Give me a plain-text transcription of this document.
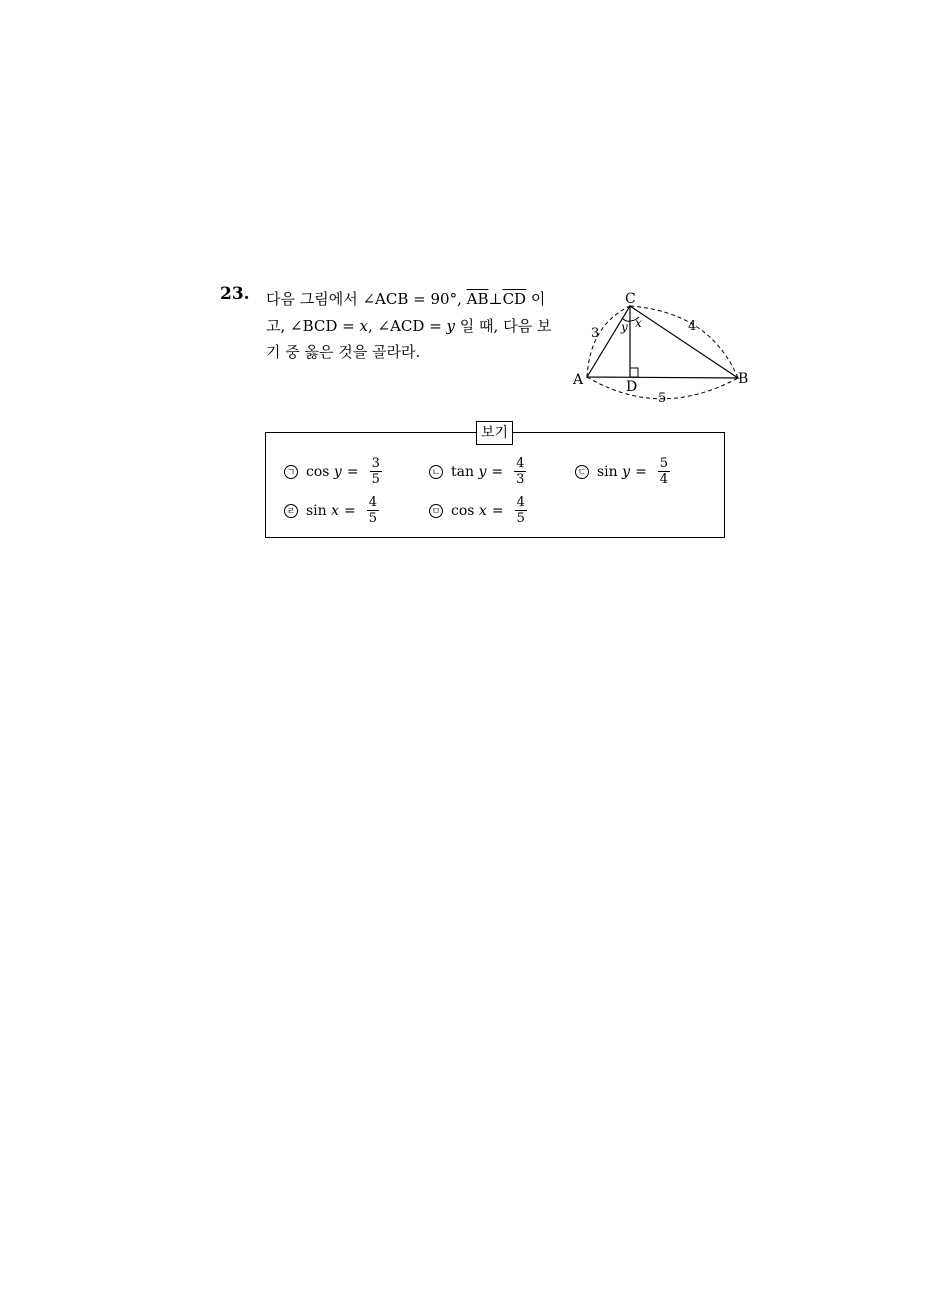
23. 다음 그림에서 ∠ACB = 90°, $\overline{AB}\perp\overline{CD}$ 이

고, ∠BCD = x, ∠ACD = y 일 때, 다음 보

기 중 옳은 것을 골라라.

C
A	B
D
3	4
5
y x
보기
ㄱ cos
$y = \frac{3}{5}$	ㄴ tan
$y = \frac{4}{3}$	ㄷ sin
$y = \frac{5}{4}$
ㄹ sin
$x = \frac{4}{5}$	ㅁ cos
$x = \frac{4}{5}$
